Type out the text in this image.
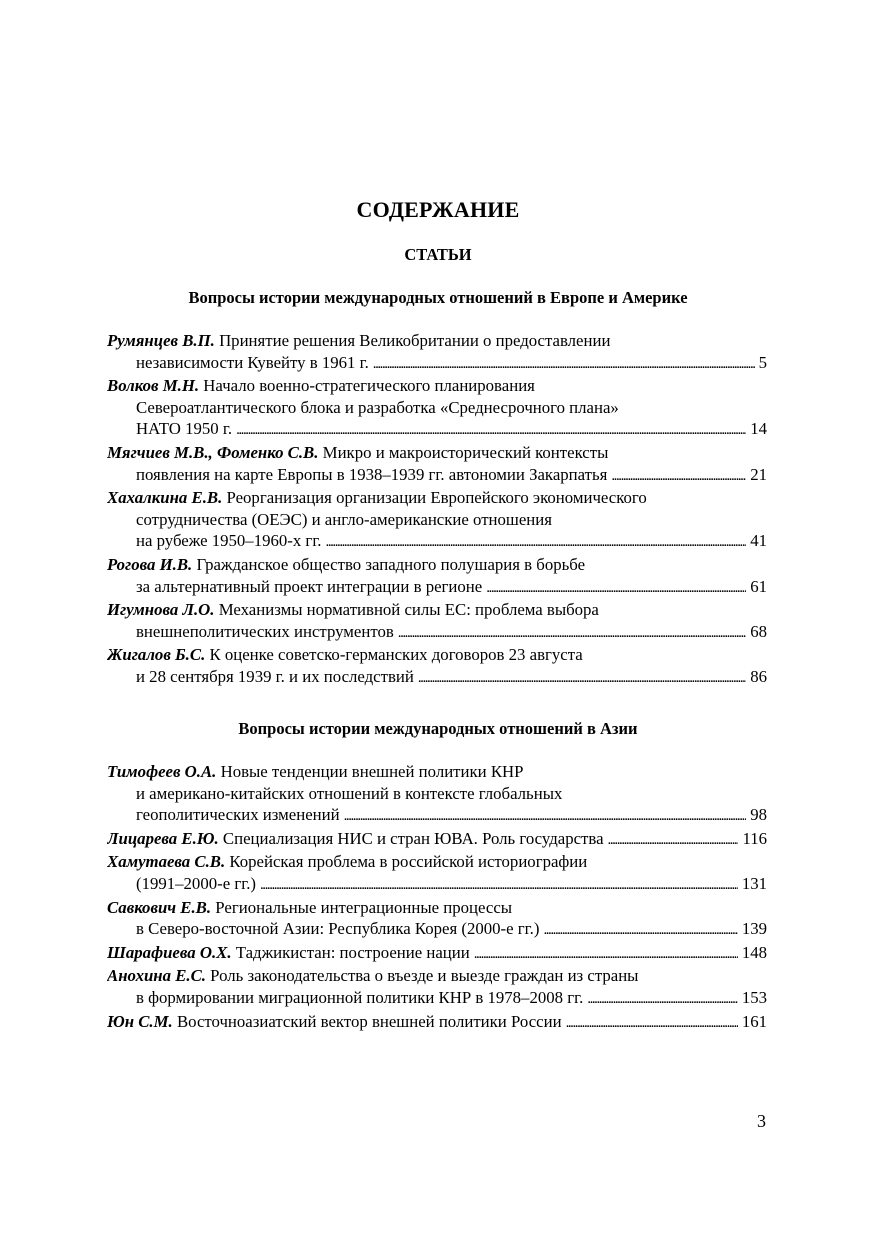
СОДЕРЖАНИЕ
СТАТЬИ
Вопросы истории международных отношений в Европе и Америке
Румянцев В.П. Принятие решения Великобритании о предоставлении
независимости Кувейту в 1961 г. . . .	5
Волков М.Н. Начало военно-стратегического планирования
Североатлантического блока и разработка «Среднесрочного плана»
НАТО 1950 г. . . .	14
Мягчиев М.В., Фоменко С.В. Микро и макроисторический контексты
появления на карте Европы в 1938–1939 гг. автономии Закарпатья . . .	21
Хахалкина Е.В. Реорганизация организации Европейского экономического
сотрудничества (ОЕЭС) и англо-американские отношения
на рубеже 1950–1960-х гг. . . .	41
Рогова И.В. Гражданское общество западного полушария в борьбе
за альтернативный проект интеграции в регионе . . .	61
Игумнова Л.О. Механизмы нормативной силы ЕС: проблема выбора
внешнеполитических инструментов . . .	68
Жигалов Б.С. К оценке советско-германских договоров 23 августа
и 28 сентября 1939 г. и их последствий . . .	86
Вопросы истории международных отношений в Азии
Тимофеев О.А. Новые тенденции внешней политики КНР
и американо-китайских отношений в контексте глобальных
геополитических изменений . . .	98
Лицарева Е.Ю. Специализация НИС и стран ЮВА. Роль государства . . .	116
Хамутаева С.В. Корейская проблема в российской историографии
(1991–2000-е гг.) . . .	131
Савкович Е.В. Региональные интеграционные процессы
в Северо-восточной Азии: Республика Корея (2000-е гг.) . . .	139
Шарафиева О.Х. Таджикистан: построение нации . . .	148
Анохина Е.С. Роль законодательства о въезде и выезде граждан из страны
в формировании миграционной политики КНР в 1978–2008 гг. . . .	153
Юн С.М. Восточноазиатский вектор внешней политики России . . .	161
3
